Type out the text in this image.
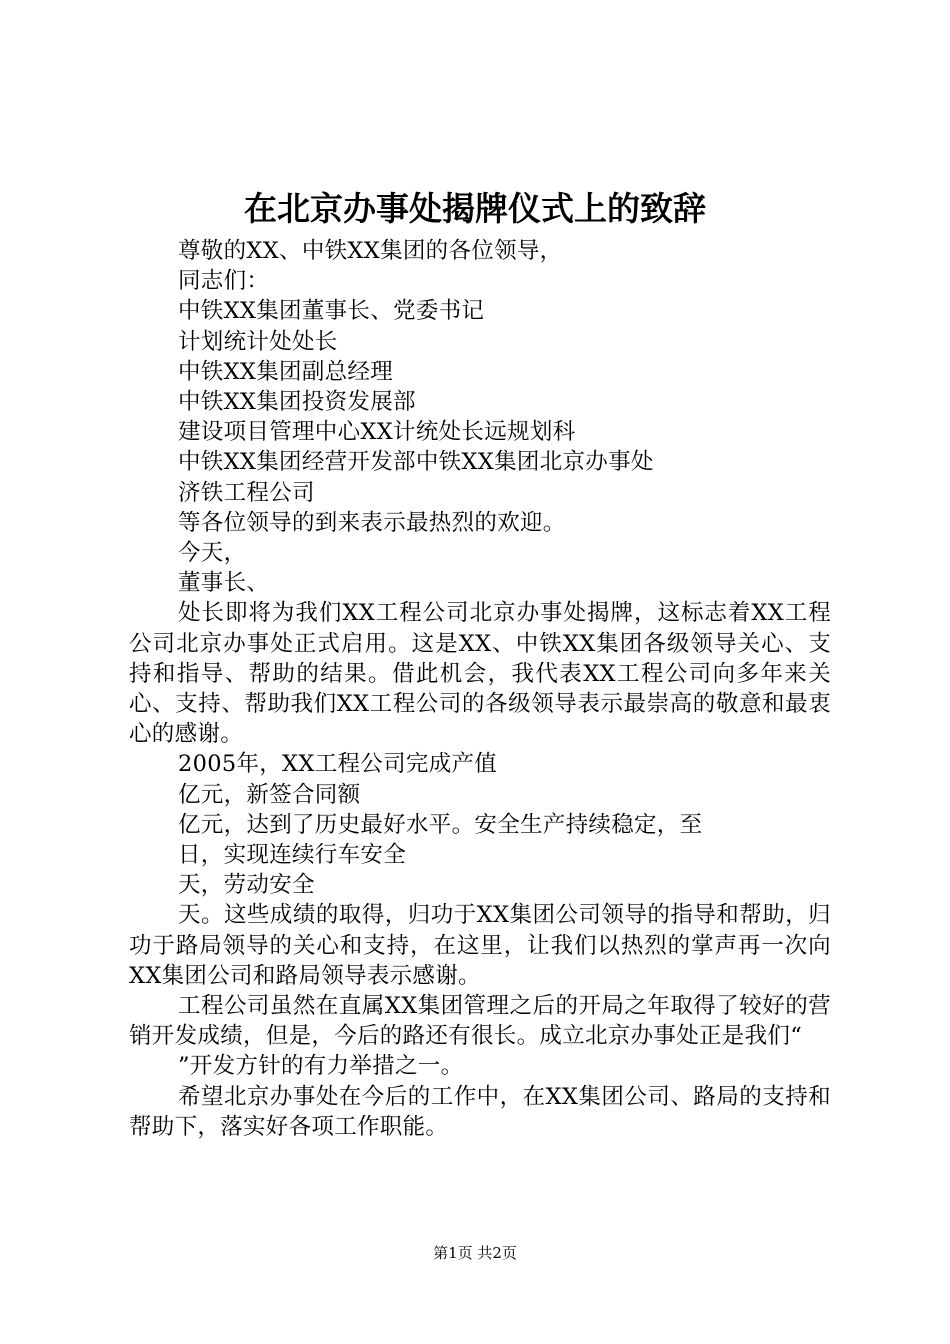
在北京办事处揭牌仪式上的致辞

尊敬的XX、中铁XX集团的各位领导，

同志们：

中铁XX集团董事长、党委书记

计划统计处处长

中铁XX集团副总经理

中铁XX集团投资发展部

建设项目管理中心XX计统处长远规划科

中铁XX集团经营开发部中铁XX集团北京办事处

济铁工程公司

等各位领导的到来表示最热烈的欢迎。

今天，

董事长、

处长即将为我们XX工程公司北京办事处揭牌，这标志着XX工程公司北京办事处正式启用。这是XX、中铁XX集团各级领导关心、支持和指导、帮助的结果。借此机会，我代表XX工程公司向多年来关心、支持、帮助我们XX工程公司的各级领导表示最崇高的敬意和最衷心的感谢。

2005年，XX工程公司完成产值

亿元，新签合同额

亿元，达到了历史最好水平。安全生产持续稳定，至

日，实现连续行车安全

天，劳动安全

天。这些成绩的取得，归功于XX集团公司领导的指导和帮助，归功于路局领导的关心和支持，在这里，让我们以热烈的掌声再一次向XX集团公司和路局领导表示感谢。

工程公司虽然在直属XX集团管理之后的开局之年取得了较好的营销开发成绩，但是，今后的路还有很长。成立北京办事处正是我们“

”开发方针的有力举措之一。

希望北京办事处在今后的工作中，在XX集团公司、路局的支持和帮助下，落实好各项工作职能。

第1页 共2页
